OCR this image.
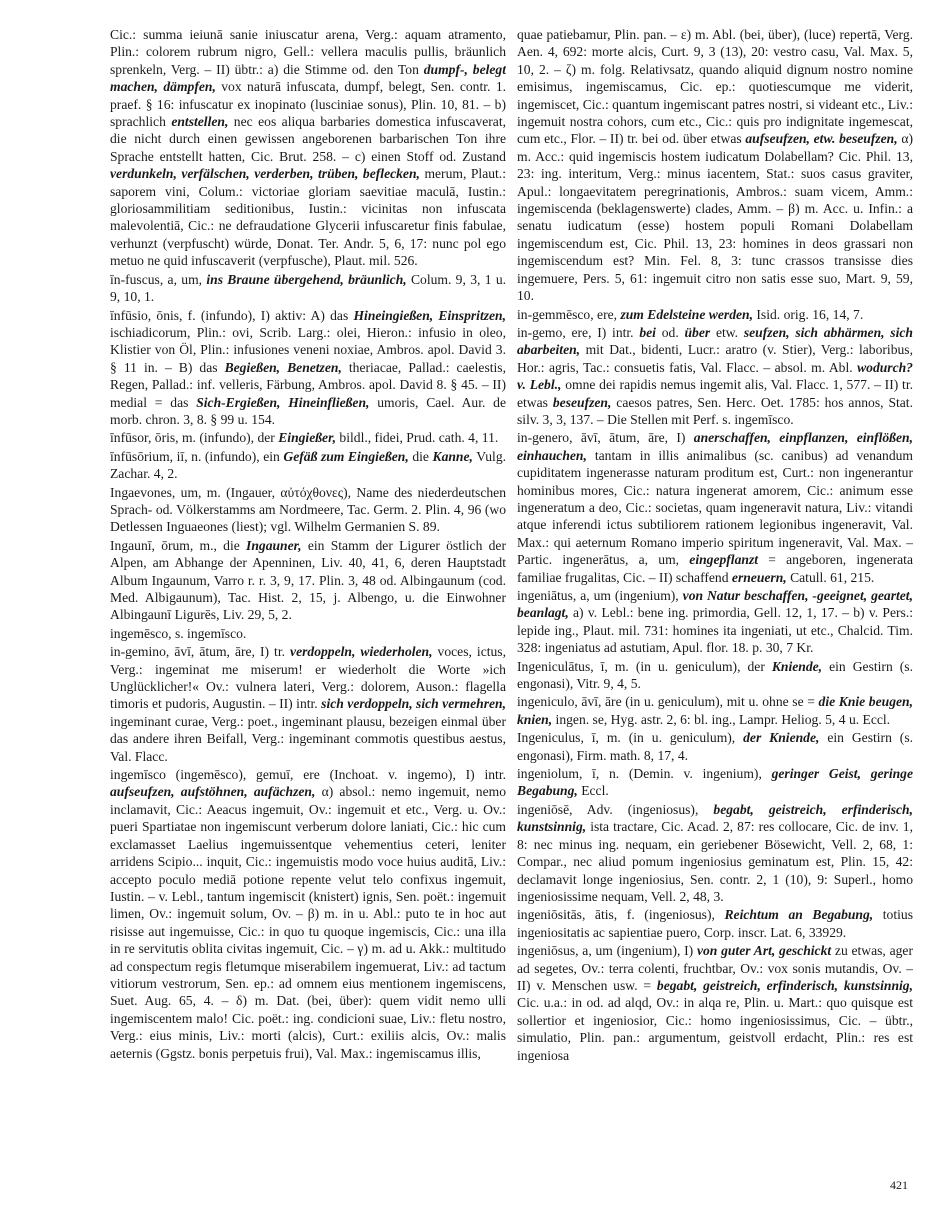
Cic.: summa ieiunā sanie iniuscatur arena, Verg.: aquam atramento, Plin.: colorem rubrum nigro, Gell.: vellera maculis pullis, bräunlich sprenkeln, Verg. – II) übtr.: a) die Stimme od. den Ton dumpf-, belegt machen, dämpfen, vox naturā infuscata, dumpf, belegt, Sen. contr. 1. praef. § 16: infuscatur ex inopinato (lusciniae sonus), Plin. 10, 81. – b) sprachlich entstellen, nec eos aliqua barbaries domestica infuscaverat, die nicht durch einen gewissen angeborenen barbarischen Ton ihre Sprache entstellt hatten, Cic. Brut. 258. – c) einen Stoff od. Zustand verdunkeln, verfälschen, verderben, trüben, beflecken, merum, Plaut.: saporem vini, Colum.: victoriae gloriam saevitiae maculā, Iustin.: gloriosammilitiam seditionibus, Iustin.: vicinitas non infuscata malevolentiā, Cic.: ne defraudatione Glycerii infuscaretur finis fabulae, verhunzt (verpfuscht) würde, Donat. Ter. Andr. 5, 6, 17: nunc pol ego metuo ne quid infuscaverit (verpfusche), Plaut. mil. 526.

īn-fuscus, a, um, ins Braune übergehend, bräunlich, Colum. 9, 3, 1 u. 9, 10, 1.

īnfūsio, ōnis, f. (infundo), I) aktiv: A) das Hineingießen, Einspritzen, ischiadicorum, Plin.: ovi, Scrib. Larg.: olei, Hieron.: infusio in oleo, Klistier von Öl, Plin.: infusiones veneni noxiae, Ambros. apol. David 3. § 11 in. – B) das Begießen, Benetzen, theriacae, Pallad.: caelestis, Regen, Pallad.: inf. velleris, Färbung, Ambros. apol. David 8. § 45. – II) medial = das Sich-Ergießen, Hineinfließen, umoris, Cael. Aur. de morb. chron. 3, 8. § 99 u. 154.

īnfūsor, ōris, m. (infundo), der Eingießer, bildl., fidei, Prud. cath. 4, 11.

īnfūsōrium, iī, n. (infundo), ein Gefäß zum Eingießen, die Kanne, Vulg. Zachar. 4, 2.

Ingaevones, um, m. (Ingauer, αὐτόχθονες), Name des niederdeutschen Sprach- od. Völkerstamms am Nordmeere, Tac. Germ. 2. Plin. 4, 96 (wo Detlessen Inguaeones (liest); vgl. Wilhelm Germanien S. 89.

Ingaunī, ōrum, m., die Ingauner, ein Stamm der Ligurer östlich der Alpen, am Abhange der Apenninen, Liv. 40, 41, 6, deren Hauptstadt Album Ingaunum, Varro r. r. 3, 9, 17. Plin. 3, 48 od. Albingaunum (cod. Med. Albigaunum), Tac. Hist. 2, 15, j. Albengo, u. die Einwohner Albingaunī Ligurēs, Liv. 29, 5, 2.

ingemēsco, s. ingemīsco.

in-gemino, āvī, ātum, āre, I) tr. verdoppeln, wiederholen, voces, ictus, Verg.: ingeminat me miserum! er wiederholt die Worte »ich Unglücklicher!« Ov.: vulnera lateri, Verg.: dolorem, Auson.: flagella timoris et pudoris, Augustin. – II) intr. sich verdoppeln, sich vermehren, ingeminant curae, Verg.: poet., ingeminant plausu, bezeigen einmal über das andere ihren Beifall, Verg.: ingeminant commotis questibus aestus, Val. Flacc.

ingemīsco (ingemēsco), gemuī, ere (Inchoat. v. ingemo), I) intr. aufseufzen, aufstöhnen, aufächzen, α) absol.: nemo ingemuit, nemo inclamavit, Cic.: Aeacus ingemuit, Ov.: ingemuit et etc., Verg. u. Ov.: pueri Spartiatae non ingemiscunt verberum dolore laniati, Cic.: hic cum exclamasset Laelius ingemuissentque vehementius ceteri, leniter arridens Scipio... inquit, Cic.: ingemuistis modo voce huius auditā, Liv.: accepto poculo mediā potione repente velut telo confixus ingemuit, Iustin. – v. Lebl., tantum ingemiscit (knistert) ignis, Sen. poët.: ingemuit limen, Ov.: ingemuit solum, Ov. – β) m. in u. Abl.: puto te in hoc aut risisse aut ingemuisse, Cic.: in quo tu quoque ingemiscis, Cic.: una illa in re servitutis oblita civitas ingemuit, Cic. – γ) m. ad u. Akk.: multitudo ad conspectum regis fletumque miserabilem ingemuerat, Liv.: ad tactum vitiorum vestrorum, Sen. ep.: ad omnem eius mentionem ingemiscens, Suet. Aug. 65, 4. – δ) m. Dat. (bei, über): quem vidit nemo ulli ingemiscentem malo! Cic. poët.: ing. condicioni suae, Liv.: fletu nostro, Verg.: eius minis, Liv.: morti (alcis), Curt.: exiliis alcis, Ov.: malis aeternis (Ggstz. bonis perpetuis frui), Val. Max.: ingemiscamus illis,

quae patiebamur, Plin. pan. – ε) m. Abl. (bei, über), (luce) repertā, Verg. Aen. 4, 692: morte alcis, Curt. 9, 3 (13), 20: vestro casu, Val. Max. 5, 10, 2. – ζ) m. folg. Relativsatz, quando aliquid dignum nostro nomine emisimus, ingemiscamus, Cic. ep.: quotiescumque me viderit, ingemiscet, Cic.: quantum ingemiscant patres nostri, si videant etc., Liv.: ingemuit nostra cohors, cum etc., Cic.: quis pro indignitate ingemescat, cum etc., Flor. – II) tr. bei od. über etwas aufseufzen, etw. beseufzen, α) m. Acc.: quid ingemiscis hostem iudicatum Dolabellam? Cic. Phil. 13, 23: ing. interitum, Verg.: minus iacentem, Stat.: suos casus graviter, Apul.: longaevitatem peregrinationis, Ambros.: suam vicem, Amm.: ingemiscenda (beklagenswerte) clades, Amm. – β) m. Acc. u. Infin.: a senatu iudicatum (esse) hostem populi Romani Dolabellam ingemiscendum est, Cic. Phil. 13, 23: homines in deos grassari non ingemiscendum est? Min. Fel. 8, 3: tunc crassos transisse dies ingemuere, Pers. 5, 61: ingemuit citro non satis esse suo, Mart. 9, 59, 10.

in-gemmēsco, ere, zum Edelsteine werden, Isid. orig. 16, 14, 7.

in-gemo, ere, I) intr. bei od. über etw. seufzen, sich abhärmen, sich abarbeiten, mit Dat., bidenti, Lucr.: aratro (v. Stier), Verg.: laboribus, Hor.: agris, Tac.: consuetis fatis, Val. Flacc. – absol. m. Abl. wodurch? v. Lebl., omne dei rapidis nemus ingemit alis, Val. Flacc. 1, 577. – II) tr. etwas beseufzen, caesos patres, Sen. Herc. Oet. 1785: hos annos, Stat. silv. 3, 3, 137. – Die Stellen mit Perf. s. ingemīsco.

in-genero, āvī, ātum, āre, I) anerschaffen, einpflanzen, einflößen, einhauchen, tantam in illis animalibus (sc. canibus) ad venandum cupiditatem ingenerasse naturam proditum est, Curt.: non ingenerantur hominibus mores, Cic.: natura ingenerat amorem, Cic.: animum esse ingeneratum a deo, Cic.: societas, quam ingeneravit natura, Liv.: vitandi atque inferendi ictus subtiliorem rationem legionibus ingeneravit, Val. Max.: qui aeternum Romano imperio spiritum ingeneravit, Val. Max. – Partic. ingenerātus, a, um, eingepflanzt = angeboren, ingenerata familiae frugalitas, Cic. – II) schaffend erneuern, Catull. 61, 215.

ingeniātus, a, um (ingenium), von Natur beschaffen, -geeignet, geartet, beanlagt, a) v. Lebl.: bene ing. primordia, Gell. 12, 1, 17. – b) v. Pers.: lepide ing., Plaut. mil. 731: homines ita ingeniati, ut etc., Chalcid. Tim. 328: ingeniatus ad astutiam, Apul. flor. 18. p. 30, 7 Kr.

Ingeniculātus, ī, m. (in u. geniculum), der Kniende, ein Gestirn (s. engonasi), Vitr. 9, 4, 5.

ingeniculo, āvī, āre (in u. geniculum), mit u. ohne se = die Knie beugen, knien, ingen. se, Hyg. astr. 2, 6: bl. ing., Lampr. Heliog. 5, 4 u. Eccl.

Ingeniculus, ī, m. (in u. geniculum), der Kniende, ein Gestirn (s. engonasi), Firm. math. 8, 17, 4.

ingeniolum, ī, n. (Demin. v. ingenium), geringer Geist, geringe Begabung, Eccl.

ingeniōsē, Adv. (ingeniosus), begabt, geistreich, erfinderisch, kunstsinnig, ista tractare, Cic. Acad. 2, 87: res collocare, Cic. de inv. 1, 8: nec minus ing. nequam, ein geriebener Bösewicht, Vell. 2, 68, 1: Compar., nec aliud pomum ingeniosius geminatum est, Plin. 15, 42: declamavit longe ingeniosius, Sen. contr. 2, 1 (10), 9: Superl., homo ingeniosissime nequam, Vell. 2, 48, 3.

ingeniōsitās, ātis, f. (ingeniosus), Reichtum an Begabung, totius ingeniositatis ac sapientiae puero, Corp. inscr. Lat. 6, 33929.

ingeniōsus, a, um (ingenium), I) von guter Art, geschickt zu etwas, ager ad segetes, Ov.: terra colenti, fruchtbar, Ov.: vox sonis mutandis, Ov. – II) v. Menschen usw. = begabt, geistreich, erfinderisch, kunstsinnig, Cic. u.a.: in od. ad alqd, Ov.: in alqa re, Plin. u. Mart.: quo quisque est sollertior et ingeniosior, Cic.: homo ingeniosissimus, Cic. – übtr., simulatio, Plin. pan.: argumentum, geistvoll erdacht, Plin.: res est ingeniosa

421
